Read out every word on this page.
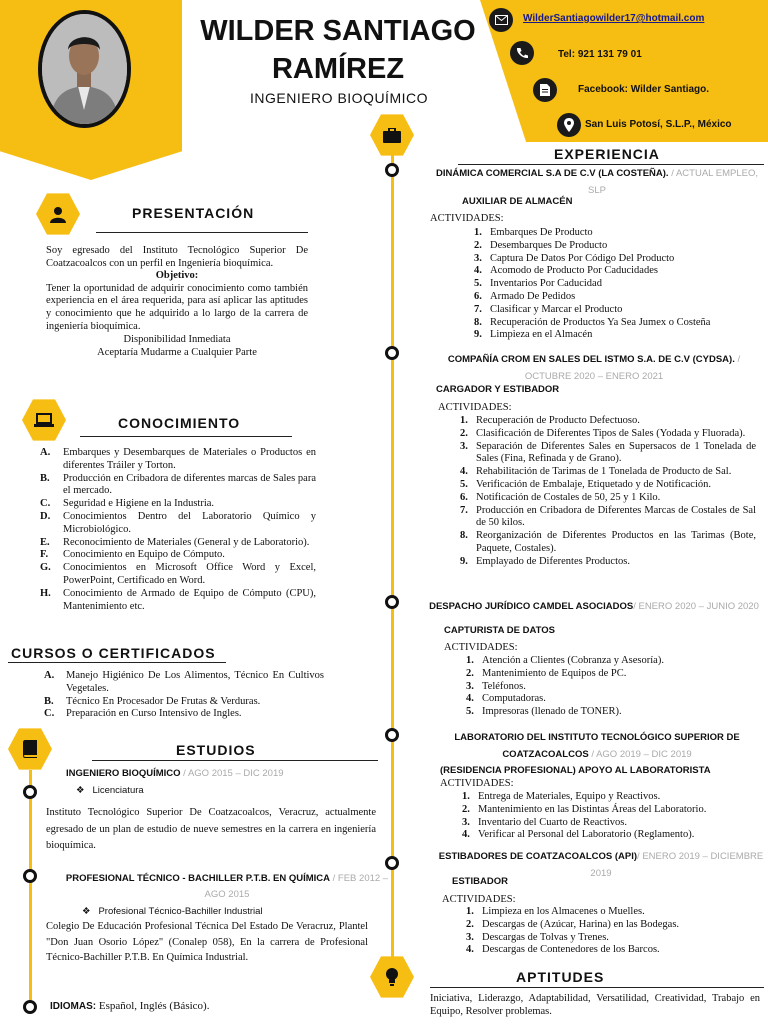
WILDER SANTIAGO
RAMÍREZ
INGENIERO BIOQUÍMICO
WilderSantiagowilder17@hotmail.com
Tel: 921 131 79 01
Facebook: Wilder Santiago.
San Luis Potosí, S.L.P., México
PRESENTACIÓN
Soy egresado del Instituto Tecnológico Superior De Coatzacoalcos con un perfil en Ingeniería bioquímica.
Objetivo:
Tener la oportunidad de adquirir conocimiento como también experiencia en el área requerida, para así aplicar las aptitudes y conocimiento que he adquirido a lo largo de la carrera de ingeniería bioquímica.
Disponibilidad Inmediata
Aceptaría Mudarme a Cualquier Parte
CONOCIMIENTO
A.	Embarques y Desembarques de Materiales o Productos en diferentes Tráiler y Torton.
B.	Producción en Cribadora de diferentes marcas de Sales para el mercado.
C.	Seguridad e Higiene en la Industria.
D.	Conocimientos Dentro del Laboratorio Químico y Microbiológico.
E.	Reconocimiento de Materiales (General y de Laboratorio).
F.	Conocimiento en Equipo de Cómputo.
G.	Conocimientos en Microsoft Office Word y Excel, PowerPoint, Certificado en Word.
H.	Conocimiento de Armado de Equipo de Cómputo (CPU), Mantenimiento etc.
CURSOS O CERTIFICADOS
A.	Manejo Higiénico De Los Alimentos, Técnico En Cultivos Vegetales.
B.	Técnico En Procesador De Frutas & Verduras.
C.	Preparación en Curso Intensivo de Ingles.
ESTUDIOS
INGENIERO BIOQUÍMICO / AGO 2015 – DIC 2019
❖ Licenciatura
Instituto Tecnológico Superior De Coatzacoalcos, Veracruz, actualmente egresado de un plan de estudio de nueve semestres en la carrera en ingeniería bioquímica.
PROFESIONAL TÉCNICO - BACHILLER P.T.B. EN QUÍMICA / FEB 2012 – AGO 2015
❖ Profesional Técnico-Bachiller Industrial
Colegio De Educación Profesional Técnica Del Estado De Veracruz, Plantel "Don Juan Osorio López" (Conalep 058), En la carrera de Profesional Técnico-Bachiller P.T.B. En Química Industrial.
IDIOMAS: Español, Inglés (Básico).
EXPERIENCIA
APTITUDES
Iniciativa, Liderazgo, Adaptabilidad, Versatilidad, Creatividad, Trabajo en Equipo, Resolver problemas.
DINÁMICA COMERCIAL S.A DE C.V (LA COSTEÑA). / ACTUAL EMPLEO, SLP
AUXILIAR DE ALMACÉN
ACTIVIDADES:
1. Embarques De Producto
2. Desembarques De Producto
3. Captura De Datos Por Código Del Producto
4. Acomodo de Producto Por Caducidades
5. Inventarios Por Caducidad
6. Armado De Pedidos
7. Clasificar y Marcar el Producto
8. Recuperación de Productos Ya Sea Jumex o Costeña
9. Limpieza en el Almacén
COMPAÑÍA CROM EN SALES DEL ISTMO S.A. DE C.V (CYDSA). / OCTUBRE 2020 – ENERO 2021
CARGADOR Y ESTIBADOR
ACTIVIDADES:
1. Recuperación de Producto Defectuoso.
2. Clasificación de Diferentes Tipos de Sales (Yodada y Fluorada).
3. Separación de Diferentes Sales en Supersacos de 1 Tonelada de Sales (Fina, Refinada y de Grano).
4. Rehabilitación de Tarimas de 1 Tonelada de Producto de Sal.
5. Verificación de Embalaje, Etiquetado y de Notificación.
6. Notificación de Costales de 50, 25 y 1 Kilo.
7. Producción en Cribadora de Diferentes Marcas de Costales de Sal de 50 kilos.
8. Reorganización de Diferentes Productos en las Tarimas (Bote, Paquete, Costales).
9. Emplayado de Diferentes Productos.
DESPACHO JURÍDICO CAMDEL ASOCIADOS/ ENERO 2020 – JUNIO 2020
CAPTURISTA DE DATOS
ACTIVIDADES:
1. Atención a Clientes (Cobranza y Asesoría).
2. Mantenimiento de Equipos de PC.
3. Teléfonos.
4. Computadoras.
5. Impresoras (llenado de TONER).
LABORATORIO DEL INSTITUTO TECNOLÓGICO SUPERIOR DE COATZACOALCOS / AGO 2019 – DIC 2019
(RESIDENCIA PROFESIONAL) APOYO AL LABORATORISTA
ACTIVIDADES:
1. Entrega de Materiales, Equipo y Reactivos.
2. Mantenimiento en las Distintas Áreas del Laboratorio.
3. Inventario del Cuarto de Reactivos.
4. Verificar al Personal del Laboratorio (Reglamento).
ESTIBADORES DE COATZACOALCOS (API)/ ENERO 2019 – DICIEMBRE 2019
ESTIBADOR
ACTIVIDADES:
1. Limpieza en los Almacenes o Muelles.
2. Descargas de (Azúcar, Harina) en las Bodegas.
3. Descargas de Tolvas y Trenes.
4. Descargas de Contenedores de los Barcos.
